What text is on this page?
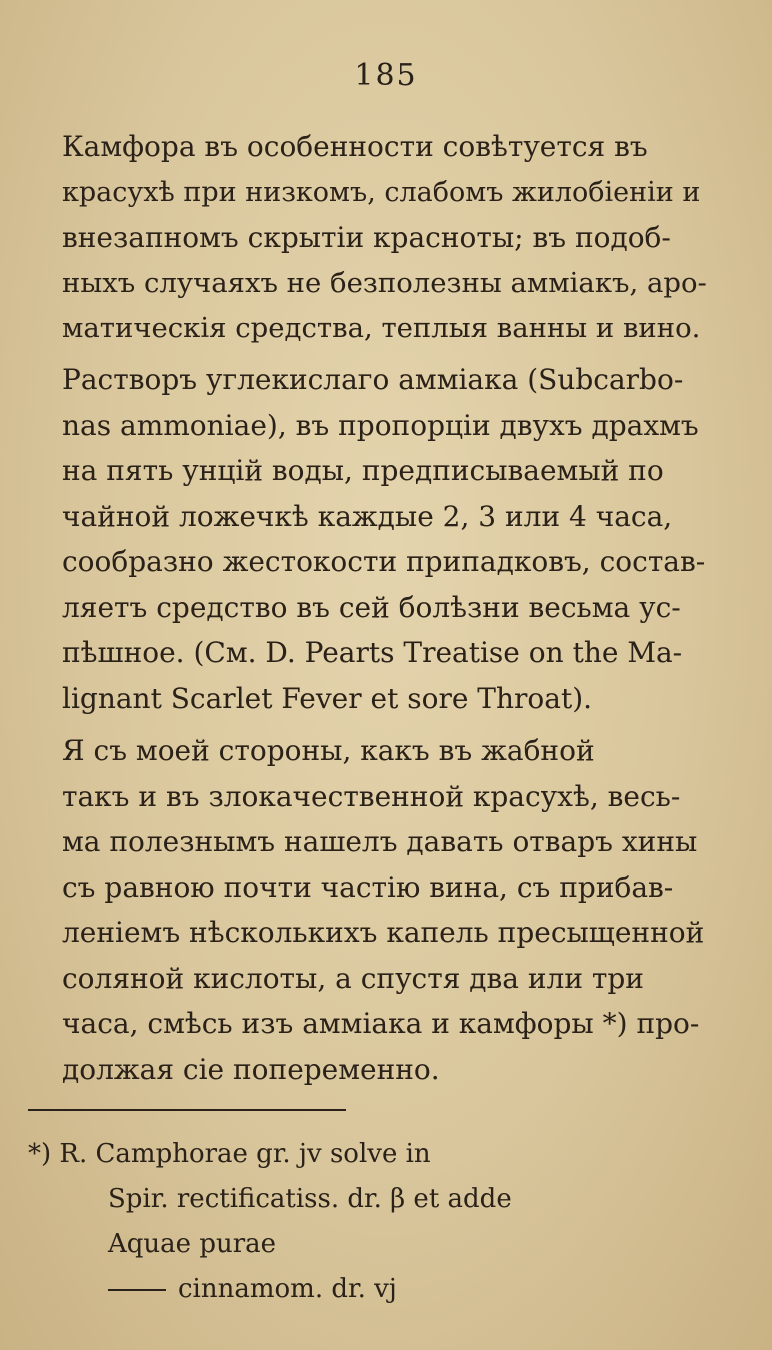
185
Камфора въ особенности совѣтуется въ
красухѣ при низкомъ, слабомъ жилобіеніи и
внезапномъ скрытіи красноты; въ подоб-
ныхъ случаяхъ не безполезны аммiакъ, аро-
матическiя средства, теплыя ванны и вино.
Растворъ углекислаго аммiака (Subcarbo-
nas ammoniae), въ пропорціи двухъ драхмъ
на пять унцій воды, предписываемый по
чайной ложечкѣ каждые 2, 3 или 4 часа,
сообразно жестокости припадковъ, состав-
ляетъ средство въ сей болѣзни весьма ус-
пѣшное. (См. D. Pearts Treatise on the Ma-
lignant Scarlet Fever et sore Throat).
Я съ моей стороны, какъ въ жабной
такъ и въ злокачественной красухѣ, весь-
ма полезнымъ нашелъ давать отваръ хины
съ равною почти частію вина, съ прибав-
леніемъ нѣсколькихъ капель пресыщенной
соляной кислоты, а спустя два или три
часа, смѣсь изъ аммiака и камфоры *) про-
должая сіе попеременно.
*) R. Camphorae gr. jv solve in
Spir. rectificatiss. dr. β et adde
Aquae purae
cinnamom. dr. vj
